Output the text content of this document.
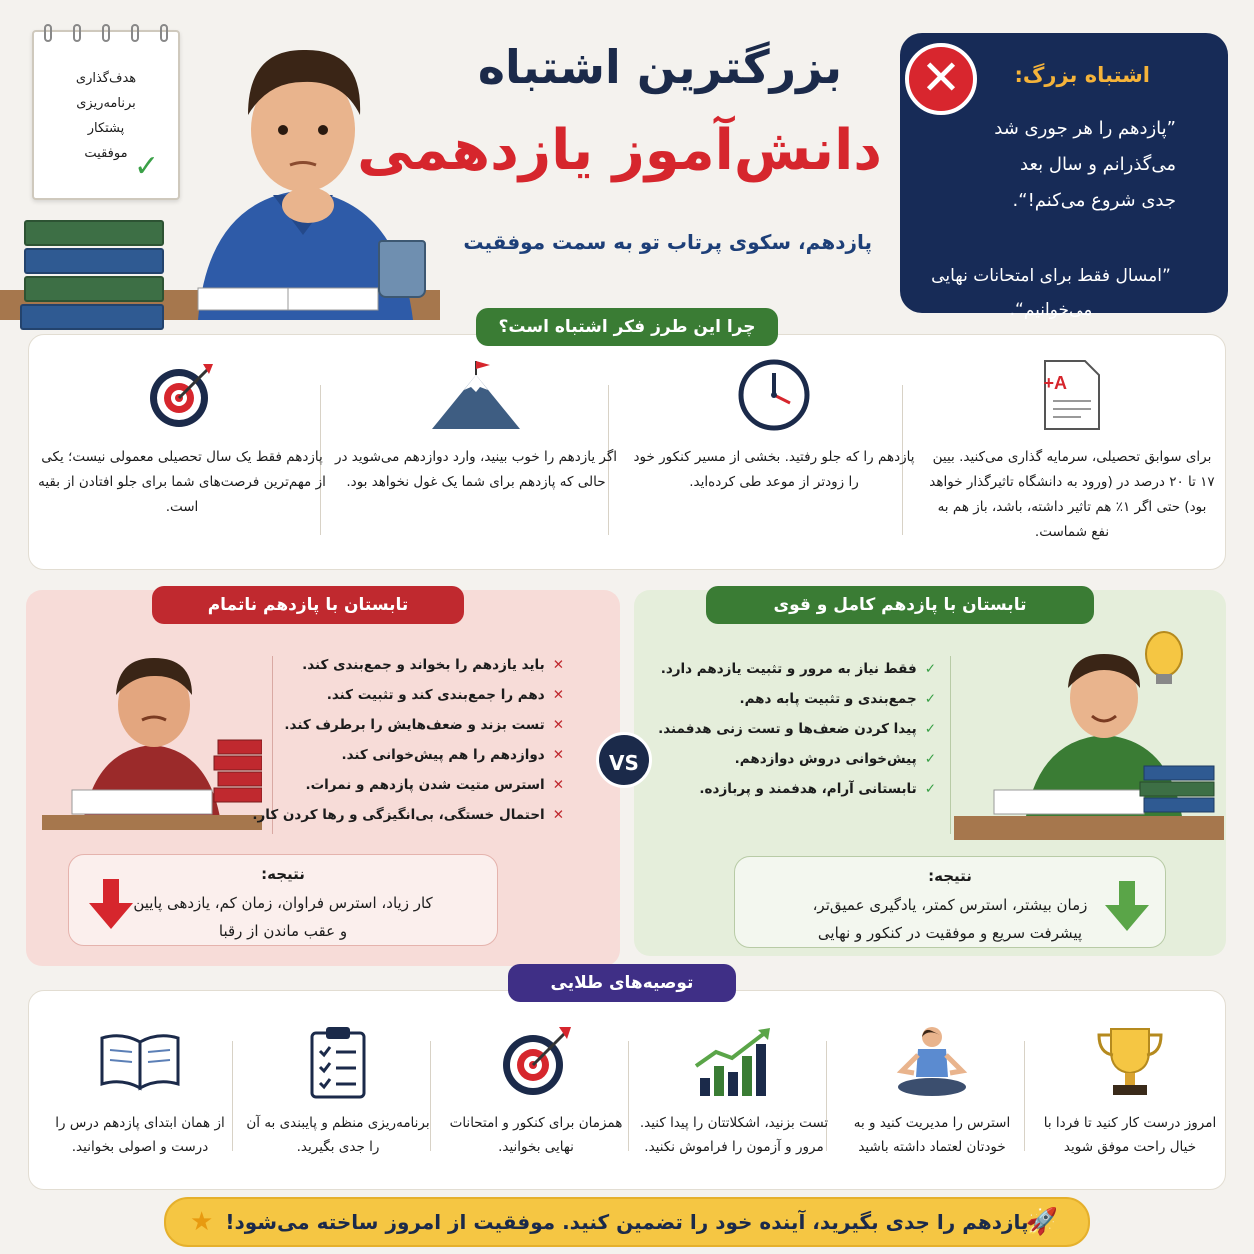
هدف‌گذاری

برنامه‌ریزی

پشتکار

موفقیت ✓
بزرگترین اشتباه
دانش‌آموز یازدهمی
پازدهم، سکوی پرتاب تو به سمت موفقیت
✕	اشتباه بزرگ:
”پازدهم را هر جوری شد
می‌گذرانم و سال بعد
جدی شروع می‌کنم!“.
”امسال فقط برای امتحانات نهایی می‌خوانیم“.
A+

برای سوابق تحصیلی، سرمایه گذاری می‌کنید. بیین ۱۷ تا ۲۰ درصد در (ورود به دانشگاه تاثیرگذار خواهد بود) حتی اگر ۱٪ هم تاثیر داشته، باشد، باز هم به نفع شماست.

پازدهم را که جلو رفتید. بخشی از مسیر کنکور خود را زودتر از موعد طی کرده‌اید.

اگر یازدهم را خوب بینید، وارد دوازدهم می‌شوید در حالی که پازدهم برای شما یک غول نخواهد بود.

پازدهم فقط یک سال تحصیلی معمولی نیست؛ یکی از مهم‌ترین فرصت‌های شما برای جلو افتادن از بقیه است.

چرا این طرز فکر اشتباه است؟
✕باید یازدهم را بخواند و جمع‌بندی کند.
✕دهم را جمع‌بندی کند و تثبیت کند.
✕تست بزند و ضعف‌هایش را برطرف کند.
✕دوازدهم را هم پیش‌خوانی کند.
✕استرس متیت شدن پازدهم و نمرات.
✕احتمال خستگی، بی‌انگیزگی و رها کردن کار.
نتیجه:

کار زیاد، استرس فراوان، زمان کم، یازدهی پایین

و عقب ماندن از رقبا

تابستان با پازدهم ناتمام
✓فقط نیاز به مرور و تثبیت یازدهم دارد.
✓جمع‌بندی و تثبیت پابه دهم.
✓پیدا کردن ضعف‌ها و تست زنی هدفمند.
✓پیش‌خوانی دروش دوازدهم.
✓تابستانی آرام، هدفمند و پربازده.
نتیجه:

زمان بیشتر، استرس کمتر، یادگیری عمیق‌تر،

پیشرفت سریع و موفقیت در کنکور و نهایی

تابستان با پازدهم کامل و قوی
VS

امروز درست کار کنید تا فردا با خیال راحت موفق شوید

استرس را مدیریت کنید و به خودتان لعتماد داشته باشید

تست بزنید، اشکلاتتان را پیدا کنید. مرور و آزمون را فراموش نکنید.

همزمان برای کنکور و امتحانات نهایی بخوانید.

برنامه‌ریزی منظم و پایبندی به آن را جدی بگیرید.

از همان ابتدای پازدهم درس را درست و اصولی بخوانید.

توصیه‌های طلایی
🚀
پازدهم را جدی بگیرید، آینده خود را تضمین کنید. موفقیت از امروز ساخته می‌شود!
★
